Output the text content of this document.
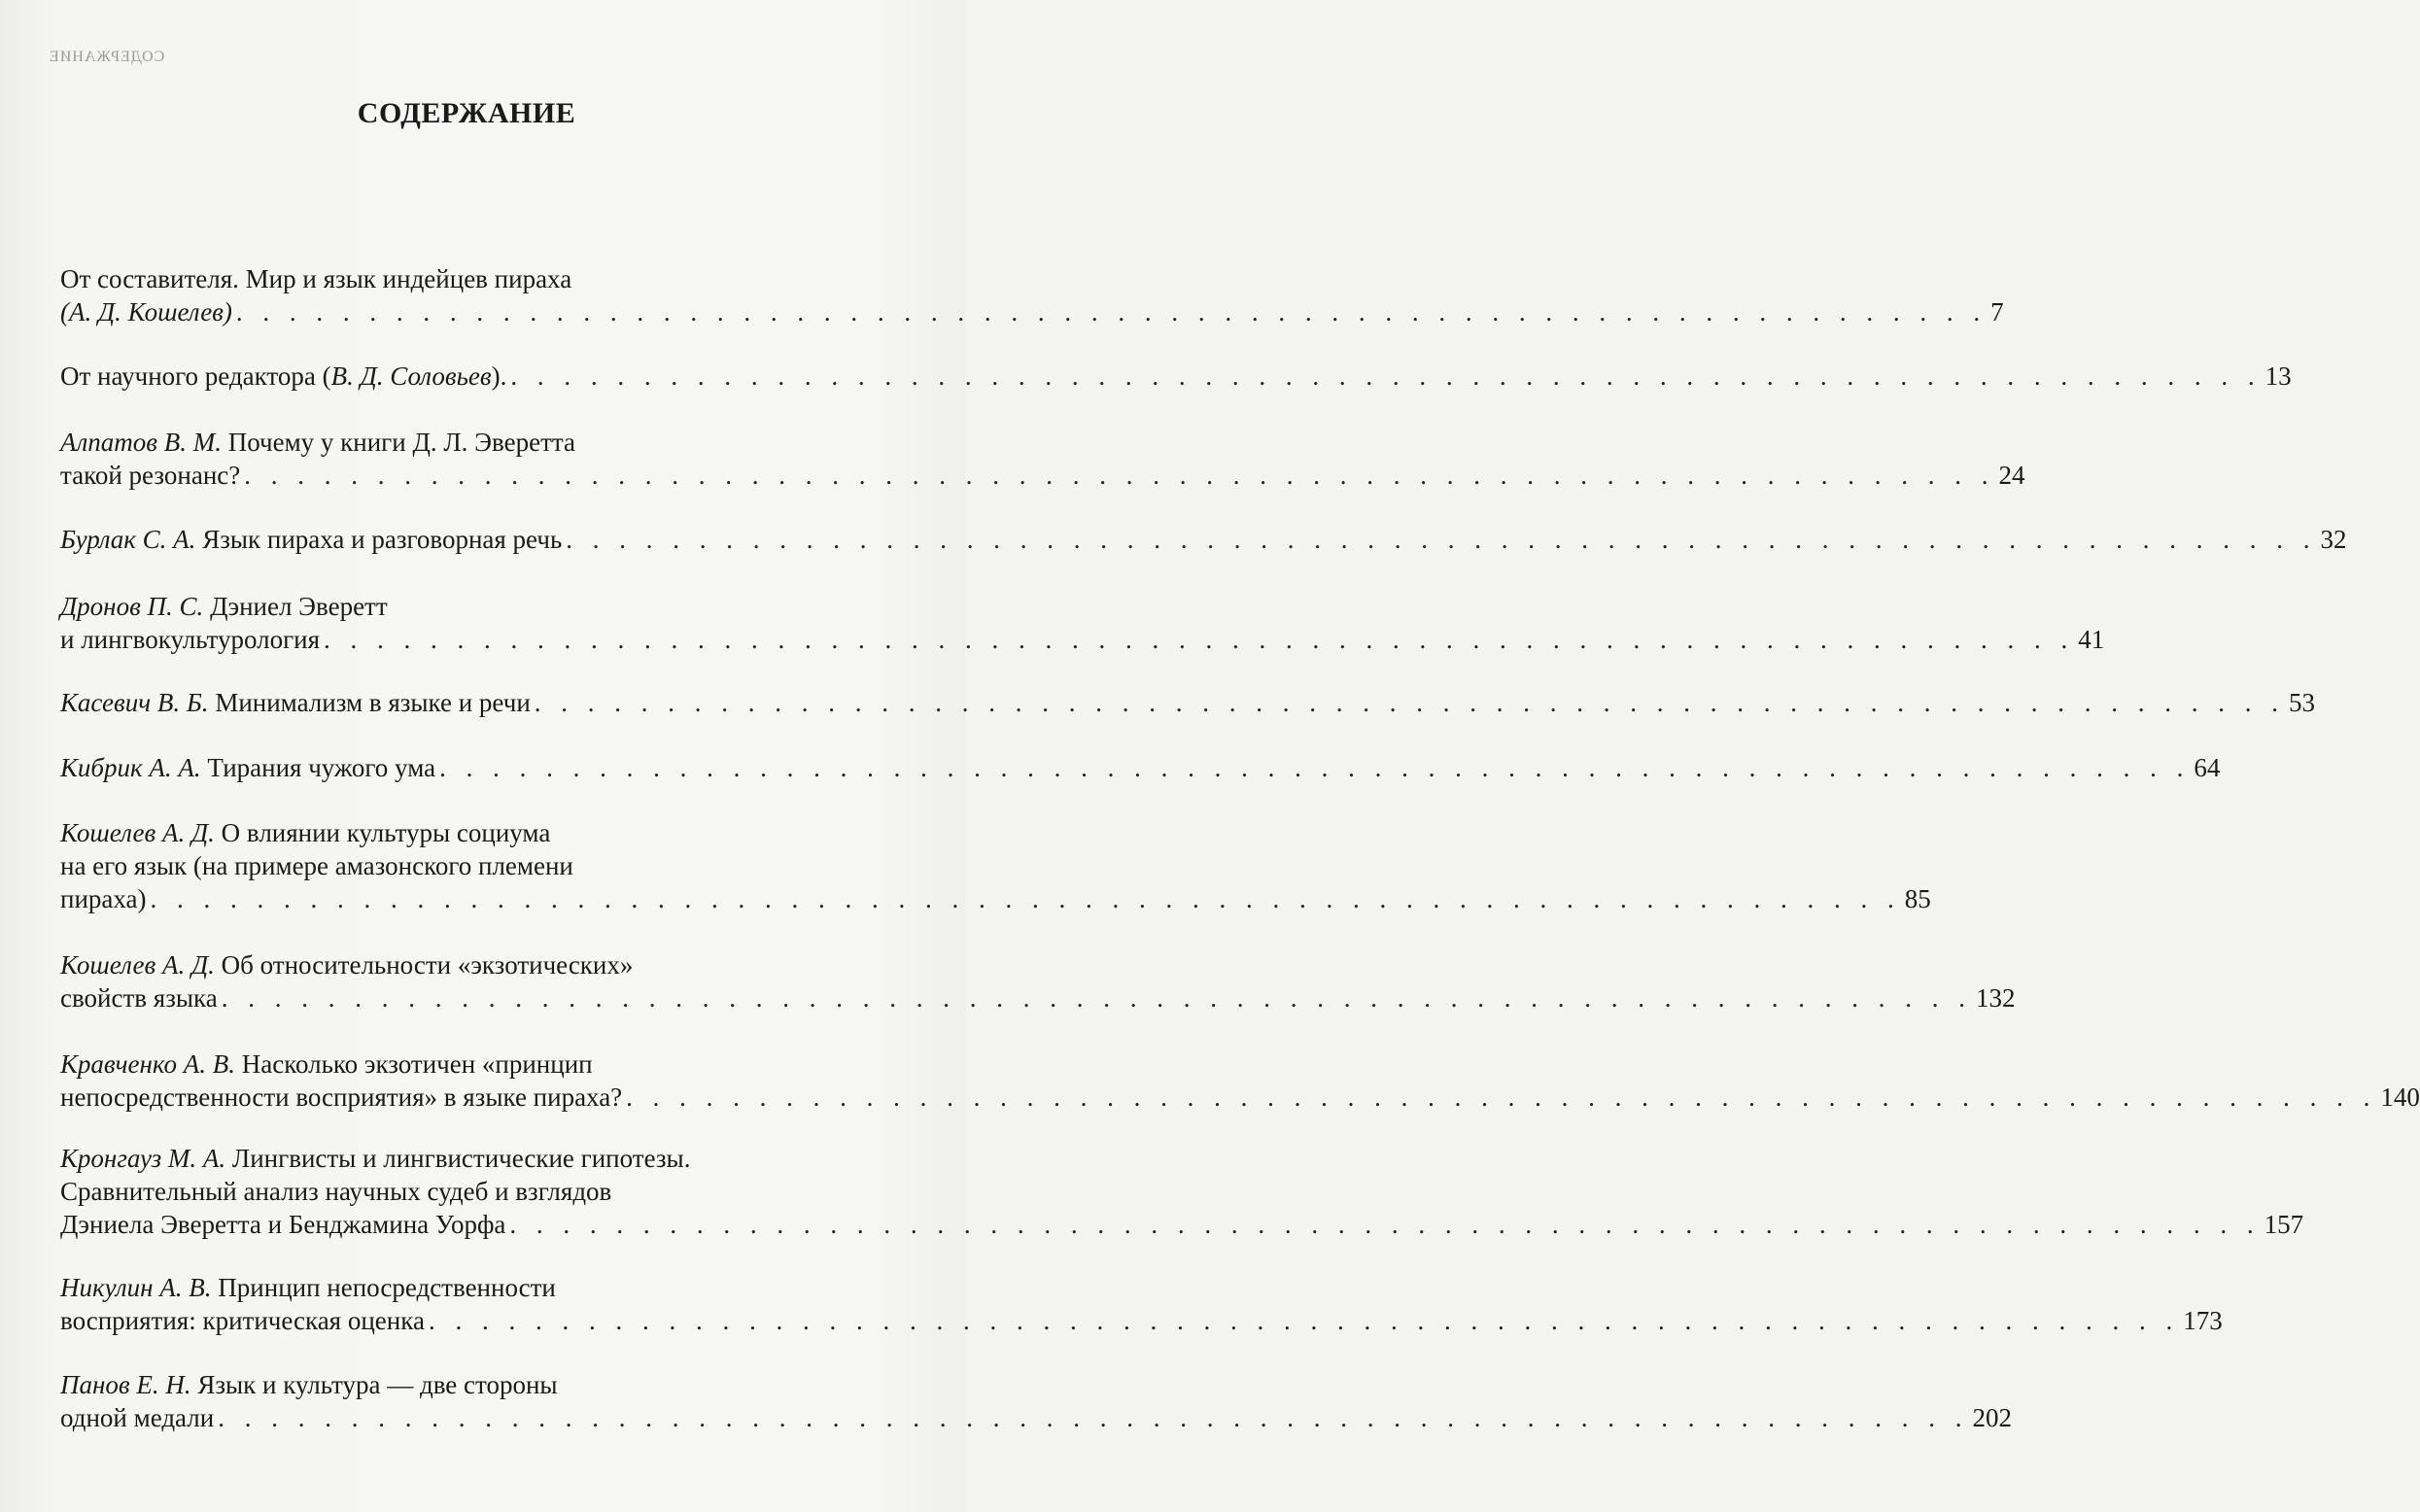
СОДЕРЖАНИЕ
СОДЕРЖАНИЕ
От составителя. Мир и язык индейцев пираха
(А. Д. Кошелев) . . . . . . . . . . . . . . . . . . . . . . . . . . . . . . . . . . . . . . . . . . . . . . . . . . . . . . . . . . . . . . . . . . 7
От научного редактора (В. Д. Соловьев). . . . . . . . . . . . . . . . . . . . . . . . . . . . . . . . . . . . . . . . . . . . . . . . . . . . . . . . . . . . . . . . . . . 13
Алпатов В. М. Почему у книги Д. Л. Эверетта
такой резонанс? . . . . . . . . . . . . . . . . . . . . . . . . . . . . . . . . . . . . . . . . . . . . . . . . . . . . . . . . . . . . . . . . . . 24
Бурлак С. А. Язык пираха и разговорная речь . . . . . . . . . . . . . . . . . . . . . . . . . . . . . . . . . . . . . . . . . . . . . . . . . . . . . . . . . . . . . . . . . . 32
Дронов П. С. Дэниел Эверетт
и лингвокультурология . . . . . . . . . . . . . . . . . . . . . . . . . . . . . . . . . . . . . . . . . . . . . . . . . . . . . . . . . . . . . . . . . . 41
Касевич В. Б. Минимализм в языке и речи . . . . . . . . . . . . . . . . . . . . . . . . . . . . . . . . . . . . . . . . . . . . . . . . . . . . . . . . . . . . . . . . . . 53
Кибрик А. А. Тирания чужого ума . . . . . . . . . . . . . . . . . . . . . . . . . . . . . . . . . . . . . . . . . . . . . . . . . . . . . . . . . . . . . . . . . . 64
Кошелев А. Д. О влиянии культуры социума
на его язык (на примере амазонского племени
пираха) . . . . . . . . . . . . . . . . . . . . . . . . . . . . . . . . . . . . . . . . . . . . . . . . . . . . . . . . . . . . . . . . . . 85
Кошелев А. Д. Об относительности «экзотических»
свойств языка . . . . . . . . . . . . . . . . . . . . . . . . . . . . . . . . . . . . . . . . . . . . . . . . . . . . . . . . . . . . . . . . . . 132
Кравченко А. В. Насколько экзотичен «принцип
непосредственности восприятия» в языке пираха? . . . . . . . . . . . . . . . . . . . . . . . . . . . . . . . . . . . . . . . . . . . . . . . . . . . . . . . . . . . . . . . . . . 140
Кронгауз М. А. Лингвисты и лингвистические гипотезы.
Сравнительный анализ научных судеб и взглядов
Дэниела Эверетта и Бенджамина Уорфа . . . . . . . . . . . . . . . . . . . . . . . . . . . . . . . . . . . . . . . . . . . . . . . . . . . . . . . . . . . . . . . . . . 157
Никулин А. В. Принцип непосредственности
восприятия: критическая оценка . . . . . . . . . . . . . . . . . . . . . . . . . . . . . . . . . . . . . . . . . . . . . . . . . . . . . . . . . . . . . . . . . . 173
Панов Е. Н. Язык и культура — две стороны
одной медали . . . . . . . . . . . . . . . . . . . . . . . . . . . . . . . . . . . . . . . . . . . . . . . . . . . . . . . . . . . . . . . . . . 202
